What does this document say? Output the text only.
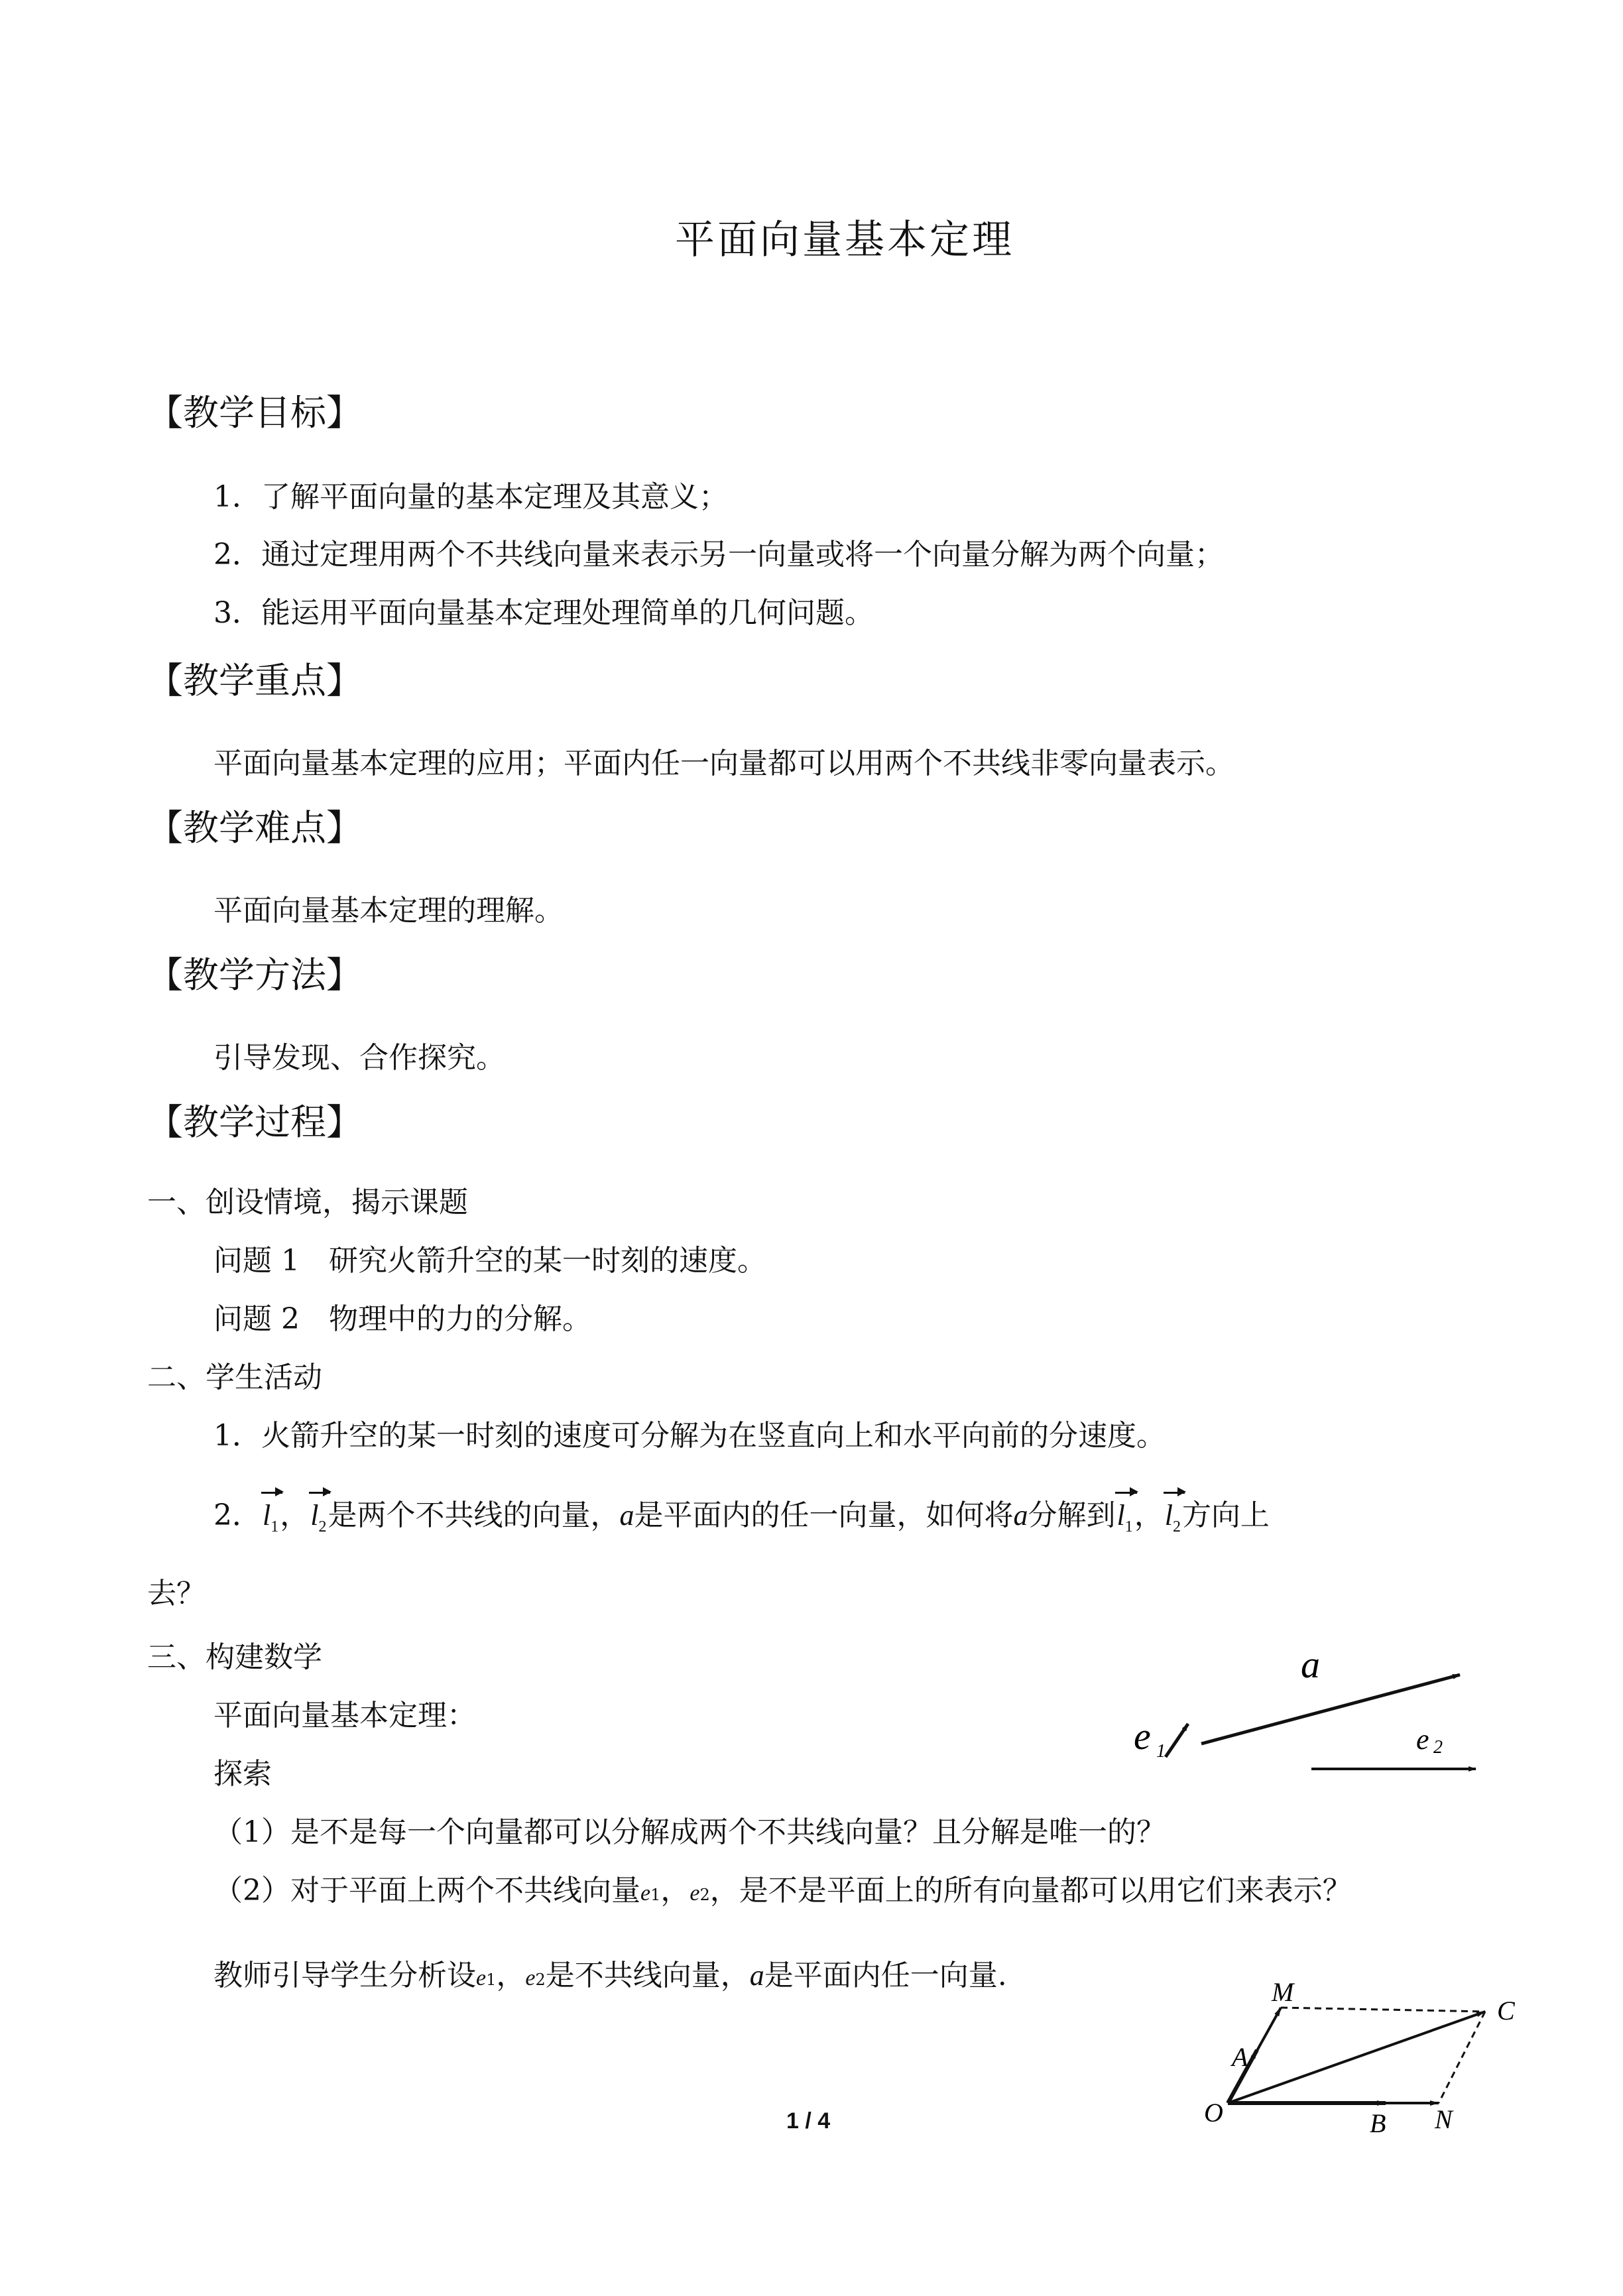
平面向量基本定理
【教学目标】
1．了解平面向量的基本定理及其意义；
2．通过定理用两个不共线向量来表示另一向量或将一个向量分解为两个向量；
3．能运用平面向量基本定理处理简单的几何问题。
【教学重点】
平面向量基本定理的应用；平面内任一向量都可以用两个不共线非零向量表示。
【教学难点】
平面向量基本定理的理解。
【教学方法】
引导发现、合作探究。
【教学过程】
一、创设情境，揭示课题
问题 1　研究火箭升空的某一时刻的速度。
问题 2　物理中的力的分解。
二、学生活动
1．火箭升空的某一时刻的速度可分解为在竖直向上和水平向前的分速度。
2．$l_1$，$l_2$是两个不共线的向量，a是平面内的任一向量，如何将a分解到$l_1$，$l_2$方向上
去？
三、构建数学
平面向量基本定理：
探索
（1）是不是每一个向量都可以分解成两个不共线向量？且分解是唯一的？
（2）对于平面上两个不共线向量e1，e2，是不是平面上的所有向量都可以用它们来表示？
教师引导学生分析设e1，e2是不共线向量，a是平面内任一向量.
a
e 1	e 2
M
A
O	B N
C
1 / 4
